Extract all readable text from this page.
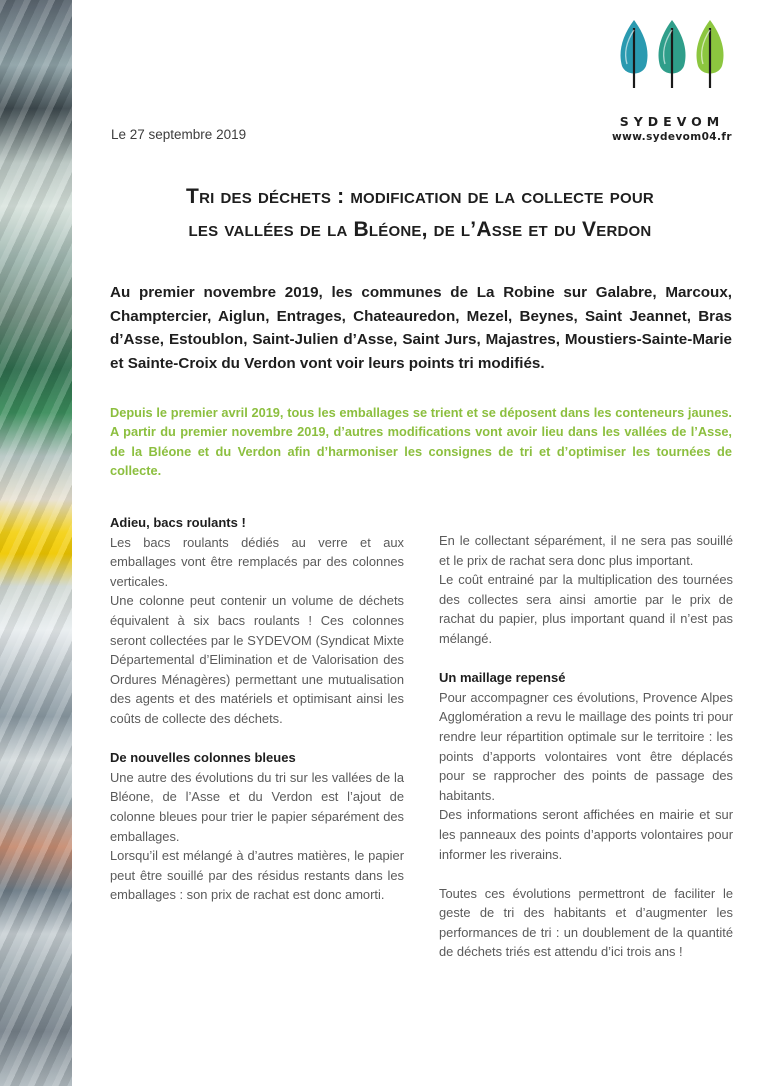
SYDEVOM
www.sydevom04.fr
Le 27 septembre 2019
Tri des déchets : modification de la collecte pour
les vallées de la Bléone, de l’Asse et du Verdon
Au premier novembre 2019, les communes de La Robine sur Galabre, Marcoux, Champtercier, Aiglun, Entrages, Chateauredon, Mezel, Beynes, Saint Jeannet, Bras d’Asse, Estoublon, Saint-Julien d’Asse, Saint Jurs, Majastres, Moustiers-Sainte-Marie et Sainte-Croix du Verdon vont voir leurs points tri modifiés.
Depuis le premier avril 2019, tous les emballages se trient et se déposent dans les conteneurs jaunes. A partir du premier novembre 2019, d’autres modifications vont avoir lieu dans les vallées de l’Asse, de la Bléone et du Verdon afin d’harmoniser les consignes de tri et d’optimiser les tournées de collecte.
Adieu, bacs roulants !

Les bacs roulants dédiés au verre et aux emballages vont être remplacés par des colonnes verticales.

Une colonne peut contenir un volume de déchets équivalent à six bacs roulants ! Ces colonnes seront collectées par le SYDEVOM (Syndicat Mixte Départemental d’Elimination et de Valorisation des Ordures Ménagères) permettant une mutualisation des agents et des matériels et optimisant ainsi les coûts de collecte des déchets.

De nouvelles colonnes bleues

Une autre des évolutions du tri sur les vallées de la Bléone, de l’Asse et du Verdon est l’ajout de colonne bleues pour trier le papier séparément des emballages.

Lorsqu’il est mélangé à d’autres matières, le papier peut être souillé par des résidus restants dans les emballages : son prix de rachat est donc amorti.

En le collectant séparément, il ne sera pas souillé et le prix de rachat sera donc plus important.

Le coût entrainé par la multiplication des tournées des collectes sera ainsi amortie par le prix de rachat du papier, plus important quand il n’est pas mélangé.

Un maillage repensé

Pour accompagner ces évolutions, Provence Alpes Agglomération a revu le maillage des points tri pour rendre leur répartition optimale sur le territoire : les points d’apports volontaires vont être déplacés pour se rapprocher des points de passage des habitants.

Des informations seront affichées en mairie et sur les panneaux des points d’apports volontaires pour informer les riverains.

Toutes ces évolutions permettront de faciliter le geste de tri des habitants et d’augmenter les performances de tri : un doublement de la quantité de déchets triés est attendu d’ici trois ans !
